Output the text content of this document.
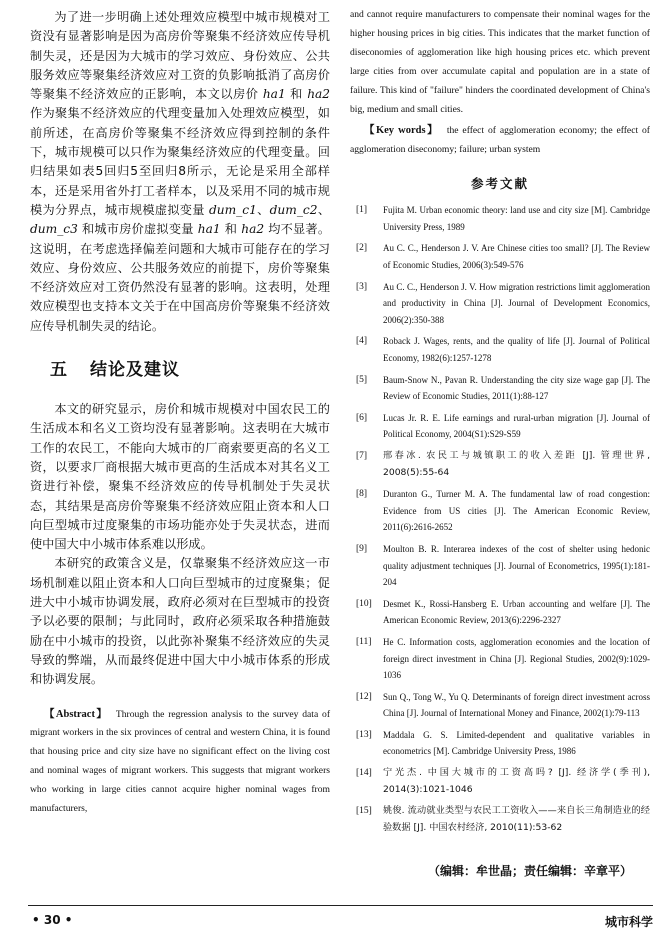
为了进一步明确上述处理效应模型中城市规模对工资没有显著影响是因为高房价等聚集不经济效应传导机制失灵，还是因为大城市的学习效应、身份效应、公共服务效应等聚集经济效应对工资的负影响抵消了高房价等聚集不经济效应的正影响，本文以房价 ha1 和 ha2 作为聚集不经济效应的代理变量加入处理效应模型，如前所述，在高房价等聚集不经济效应得到控制的条件下，城市规模可以只作为聚集经济效应的代理变量。回归结果如表5回归5至回归8所示，无论是采用全部样本，还是采用省外打工者样本，以及采用不同的城市规模为分界点，城市规模虚拟变量 dum_c1、dum_c2、dum_c3 和城市房价虚拟变量 ha1 和 ha2 均不显著。这说明，在考虑选择偏差问题和大城市可能存在的学习效应、身份效应、公共服务效应的前提下，房价等聚集不经济效应对工资仍然没有显著的影响。这表明，处理效应模型也支持本文关于在中国高房价等聚集不经济效应传导机制失灵的结论。

五 结论及建议

本文的研究显示，房价和城市规模对中国农民工的生活成本和名义工资均没有显著影响。这表明在大城市工作的农民工，不能向大城市的厂商索要更高的名义工资，以要求厂商根据大城市更高的生活成本对其名义工资进行补偿，聚集不经济效应的传导机制处于失灵状态，其结果是高房价等聚集不经济效应阻止资本和人口向巨型城市过度聚集的市场功能亦处于失灵状态，进而使中国大中小城市体系难以形成。

本研究的政策含义是，仅靠聚集不经济效应这一市场机制难以阻止资本和人口向巨型城市的过度聚集；促进大中小城市协调发展，政府必须对在巨型城市的投资予以必要的限制；与此同时，政府必须采取各种措施鼓励在中小城市的投资，以此弥补聚集不经济效应的失灵导致的弊端，从而最终促进中国大中小城市体系的形成和协调发展。

【Abstract】 Through the regression analysis to the survey data of migrant workers in the six provinces of central and western China, it is found that housing price and city size have no significant effect on the living cost and nominal wages of migrant workers. This suggests that migrant workers who working in large cities cannot acquire higher nominal wages from manufacturers,

and cannot require manufacturers to compensate their nominal wages for the higher housing prices in big cities. This indicates that the market function of diseconomies of agglomeration like high housing prices etc. which prevent large cities from over accumulate capital and population are in a state of failure. This kind of "failure" hinders the coordinated development of China's big, medium and small cities.

【Key words】 the effect of agglomeration economy; the effect of agglomeration diseconomy; failure; urban system

参考文献
[1] Fujita M. Urban economic theory: land use and city size [M]. Cambridge University Press, 1989
[2] Au C. C., Henderson J. V. Are Chinese cities too small? [J]. The Review of Economic Studies, 2006(3):549-576
[3] Au C. C., Henderson J. V. How migration restrictions limit agglomeration and productivity in China [J]. Journal of Development Economics, 2006(2):350-388
[4] Roback J. Wages, rents, and the quality of life [J]. Journal of Political Economy, 1982(6):1257-1278
[5] Baum-Snow N., Pavan R. Understanding the city size wage gap [J]. The Review of Economic Studies, 2011(1):88-127
[6] Lucas Jr. R. E. Life earnings and rural-urban migration [J]. Journal of Political Economy, 2004(S1):S29-S59
[7] 邢春冰. 农民工与城镇职工的收入差距 [J]. 管理世界, 2008(5):55-64
[8] Duranton G., Turner M. A. The fundamental law of road congestion: Evidence from US cities [J]. The American Economic Review, 2011(6):2616-2652
[9] Moulton B. R. Interarea indexes of the cost of shelter using hedonic quality adjustment techniques [J]. Journal of Econometrics, 1995(1):181-204
[10] Desmet K., Rossi-Hansberg E. Urban accounting and welfare [J]. The American Economic Review, 2013(6):2296-2327
[11] He C. Information costs, agglomeration economies and the location of foreign direct investment in China [J]. Regional Studies, 2002(9):1029-1036
[12] Sun Q., Tong W., Yu Q. Determinants of foreign direct investment across China [J]. Journal of International Money and Finance, 2002(1):79-113
[13] Maddala G. S. Limited-dependent and qualitative variables in econometrics [M]. Cambridge University Press, 1986
[14] 宁光杰. 中国大城市的工资高吗? [J]. 经济学(季刊), 2014(3):1021-1046
[15] 姚俊. 流动就业类型与农民工工资收入——来自长三角制造业的经验数据 [J]. 中国农村经济, 2010(11):53-62
（编辑：牟世晶；责任编辑：辛章平）
• 30 •	城市科学
